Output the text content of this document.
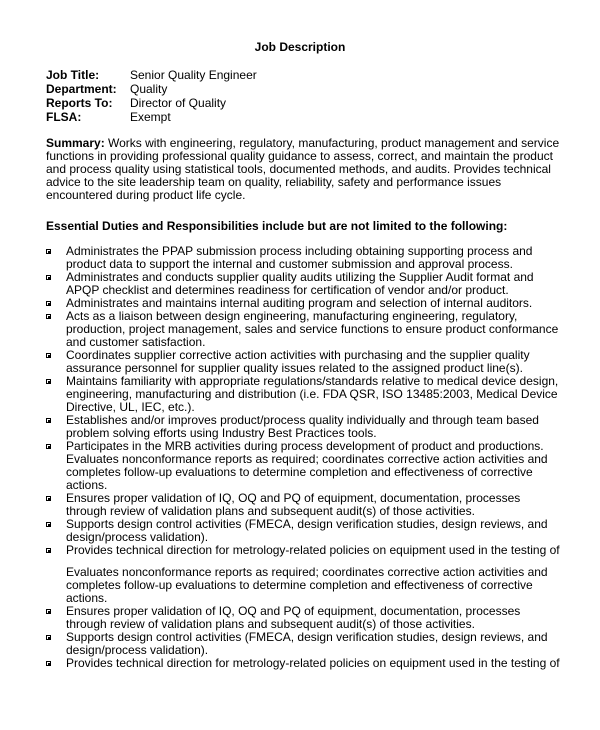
Job Description
Job Title:	Senior Quality Engineer
Department:	Quality
Reports To:	Director of Quality
FLSA:	Exempt
Summary: Works with engineering, regulatory, manufacturing, product management and service functions in providing professional quality guidance to assess, correct, and maintain the product and process quality using statistical tools, documented methods, and audits. Provides technical advice to the site leadership team on quality, reliability, safety and performance issues encountered during product life cycle.
Essential Duties and Responsibilities include but are not limited to the following:
Administrates the PPAP submission process including obtaining supporting process and product data to support the internal and customer submission and approval process.
Administrates and conducts supplier quality audits utilizing the Supplier Audit format and APQP checklist and determines readiness for certification of vendor and/or product.
Administrates and maintains internal auditing program and selection of internal auditors.
Acts as a liaison between design engineering, manufacturing engineering, regulatory, production, project management, sales and service functions to ensure product conformance and customer satisfaction.
Coordinates supplier corrective action activities with purchasing and the supplier quality assurance personnel for supplier quality issues related to the assigned product line(s).
Maintains familiarity with appropriate regulations/standards relative to medical device design, engineering, manufacturing and distribution (i.e. FDA QSR, ISO 13485:2003, Medical Device Directive, UL, IEC, etc.).
Establishes and/or improves product/process quality individually and through team based problem solving efforts using Industry Best Practices tools.
Participates in the MRB activities during process development of product and productions. Evaluates nonconformance reports as required; coordinates corrective action activities and completes follow-up evaluations to determine completion and effectiveness of corrective actions.
Ensures proper validation of IQ, OQ and PQ of equipment, documentation, processes through review of validation plans and subsequent audit(s) of those activities.
Supports design control activities (FMECA, design verification studies, design reviews, and design/process validation).
Provides technical direction for metrology-related policies on equipment used in the testing of
Evaluates nonconformance reports as required; coordinates corrective action activities and completes follow-up evaluations to determine completion and effectiveness of corrective actions.
Ensures proper validation of IQ, OQ and PQ of equipment, documentation, processes through review of validation plans and subsequent audit(s) of those activities.
Supports design control activities (FMECA, design verification studies, design reviews, and design/process validation).
Provides technical direction for metrology-related policies on equipment used in the testing of
